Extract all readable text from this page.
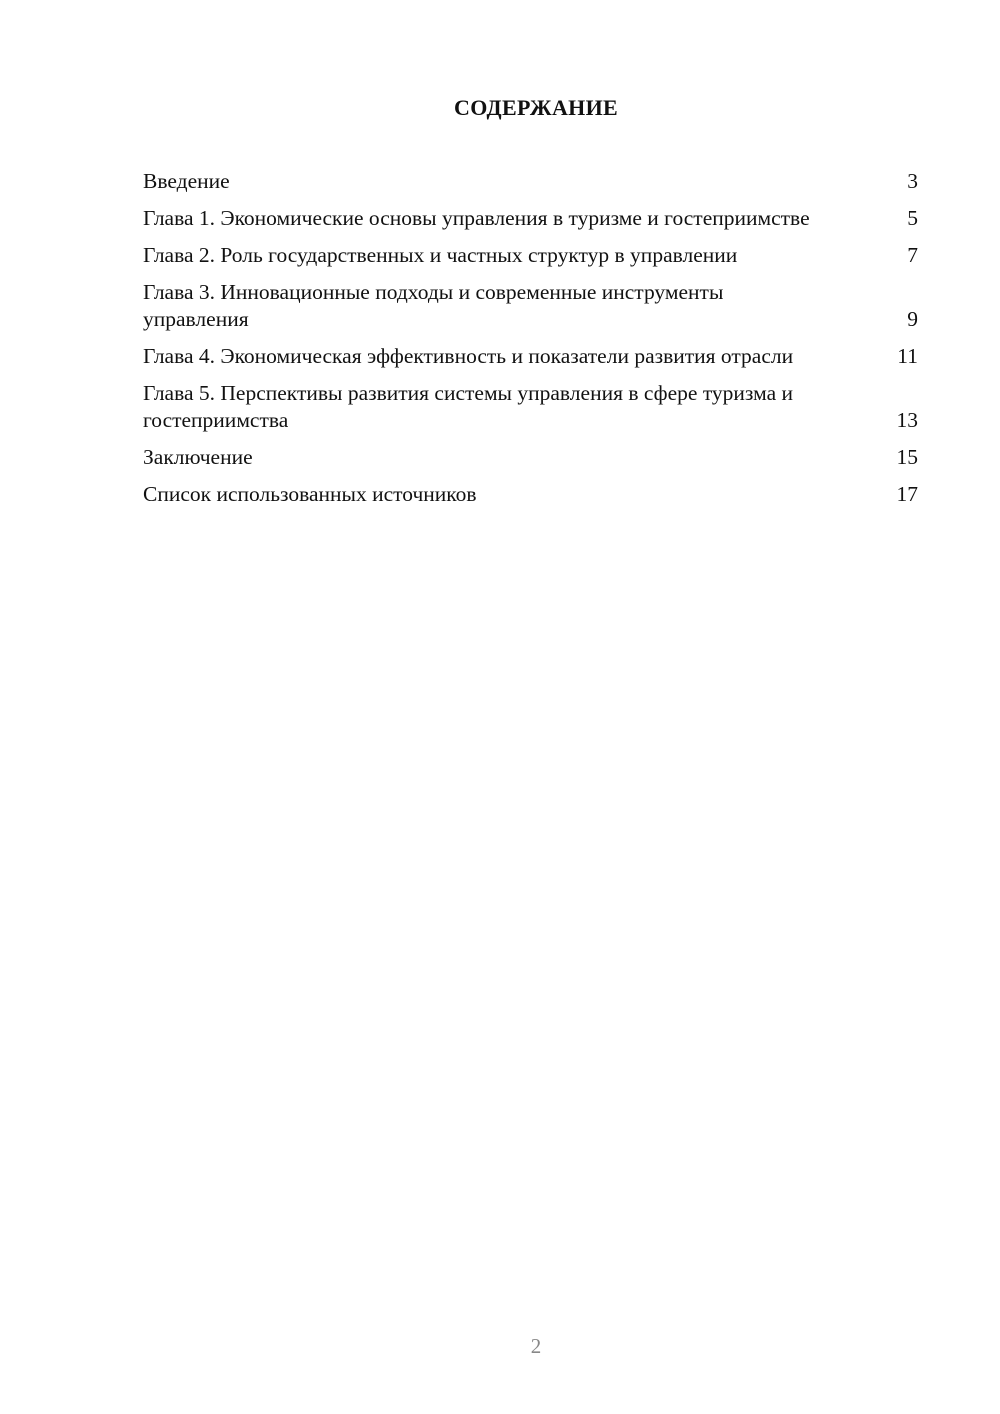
СОДЕРЖАНИЕ
Введение	3
Глава 1. Экономические основы управления в туризме и гостеприимстве	5
Глава 2. Роль государственных и частных структур в управлении	7
Глава 3. Инновационные подходы и современные инструменты управления	9
Глава 4. Экономическая эффективность и показатели развития отрасли	11
Глава 5. Перспективы развития системы управления в сфере туризма и гостеприимства	13
Заключение	15
Список использованных источников	17
2
